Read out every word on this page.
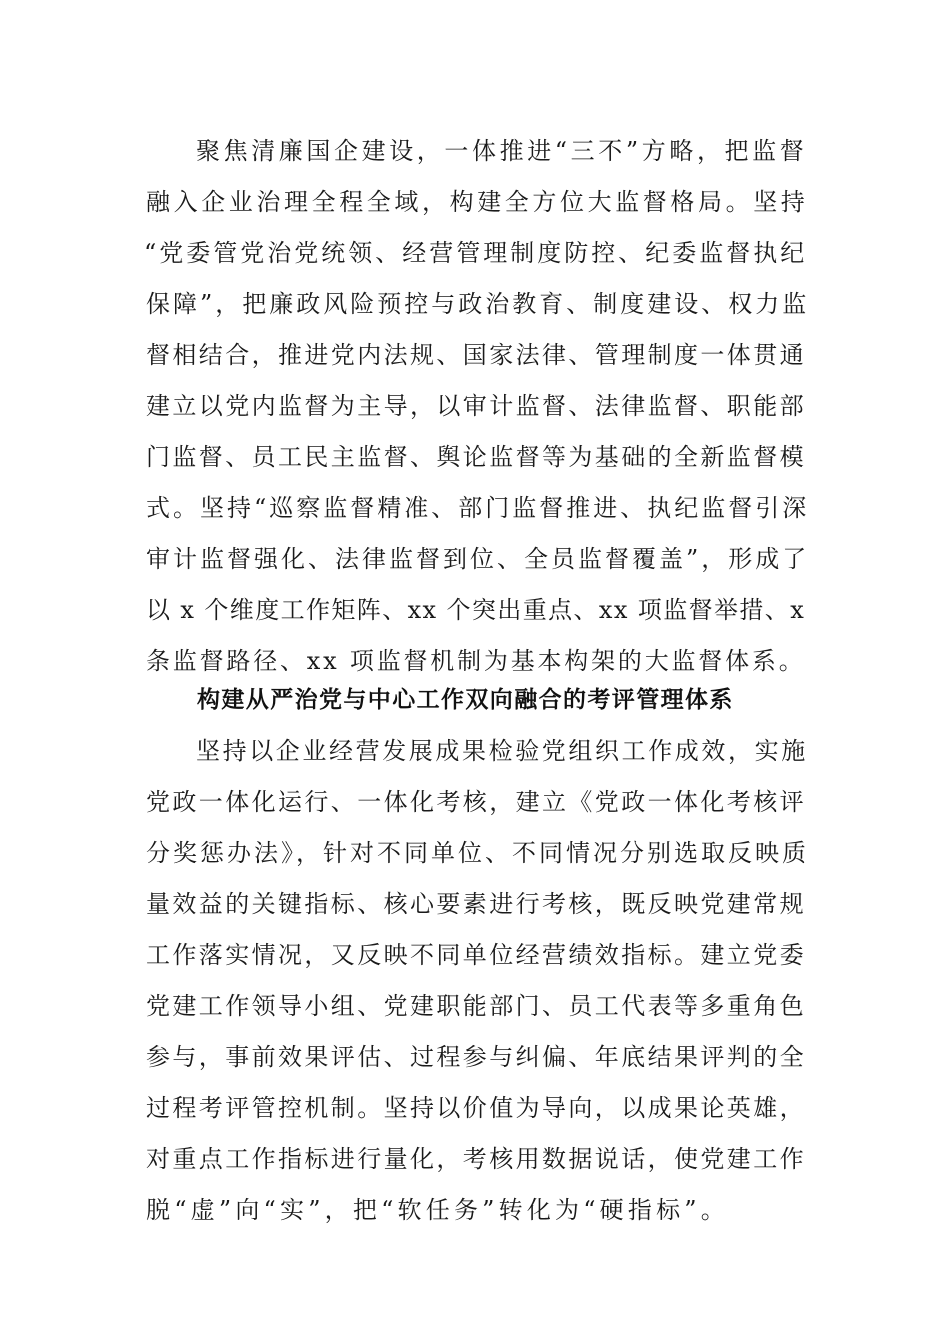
聚焦清廉国企建设，一体推进“三不”方略，把监督
融入企业治理全程全域，构建全方位大监督格局。坚持
“党委管党治党统领、经营管理制度防控、纪委监督执纪
保障”，把廉政风险预控与政治教育、制度建设、权力监
督相结合，推进党内法规、国家法律、管理制度一体贯通
建立以党内监督为主导，以审计监督、法律监督、职能部
门监督、员工民主监督、舆论监督等为基础的全新监督模
式。坚持“巡察监督精准、部门监督推进、执纪监督引深
审计监督强化、法律监督到位、全员监督覆盖”，形成了
以 x 个维度工作矩阵、xx 个突出重点、xx 项监督举措、x
条监督路径、xx 项监督机制为基本构架的大监督体系。
构建从严治党与中心工作双向融合的考评管理体系
坚持以企业经营发展成果检验党组织工作成效，实施
党政一体化运行、一体化考核，建立《党政一体化考核评
分奖惩办法》，针对不同单位、不同情况分别选取反映质
量效益的关键指标、核心要素进行考核，既反映党建常规
工作落实情况，又反映不同单位经营绩效指标。建立党委
党建工作领导小组、党建职能部门、员工代表等多重角色
参与，事前效果评估、过程参与纠偏、年底结果评判的全
过程考评管控机制。坚持以价值为导向，以成果论英雄，
对重点工作指标进行量化，考核用数据说话，使党建工作
脱“虚”向“实”，把“软任务”转化为“硬指标”。
